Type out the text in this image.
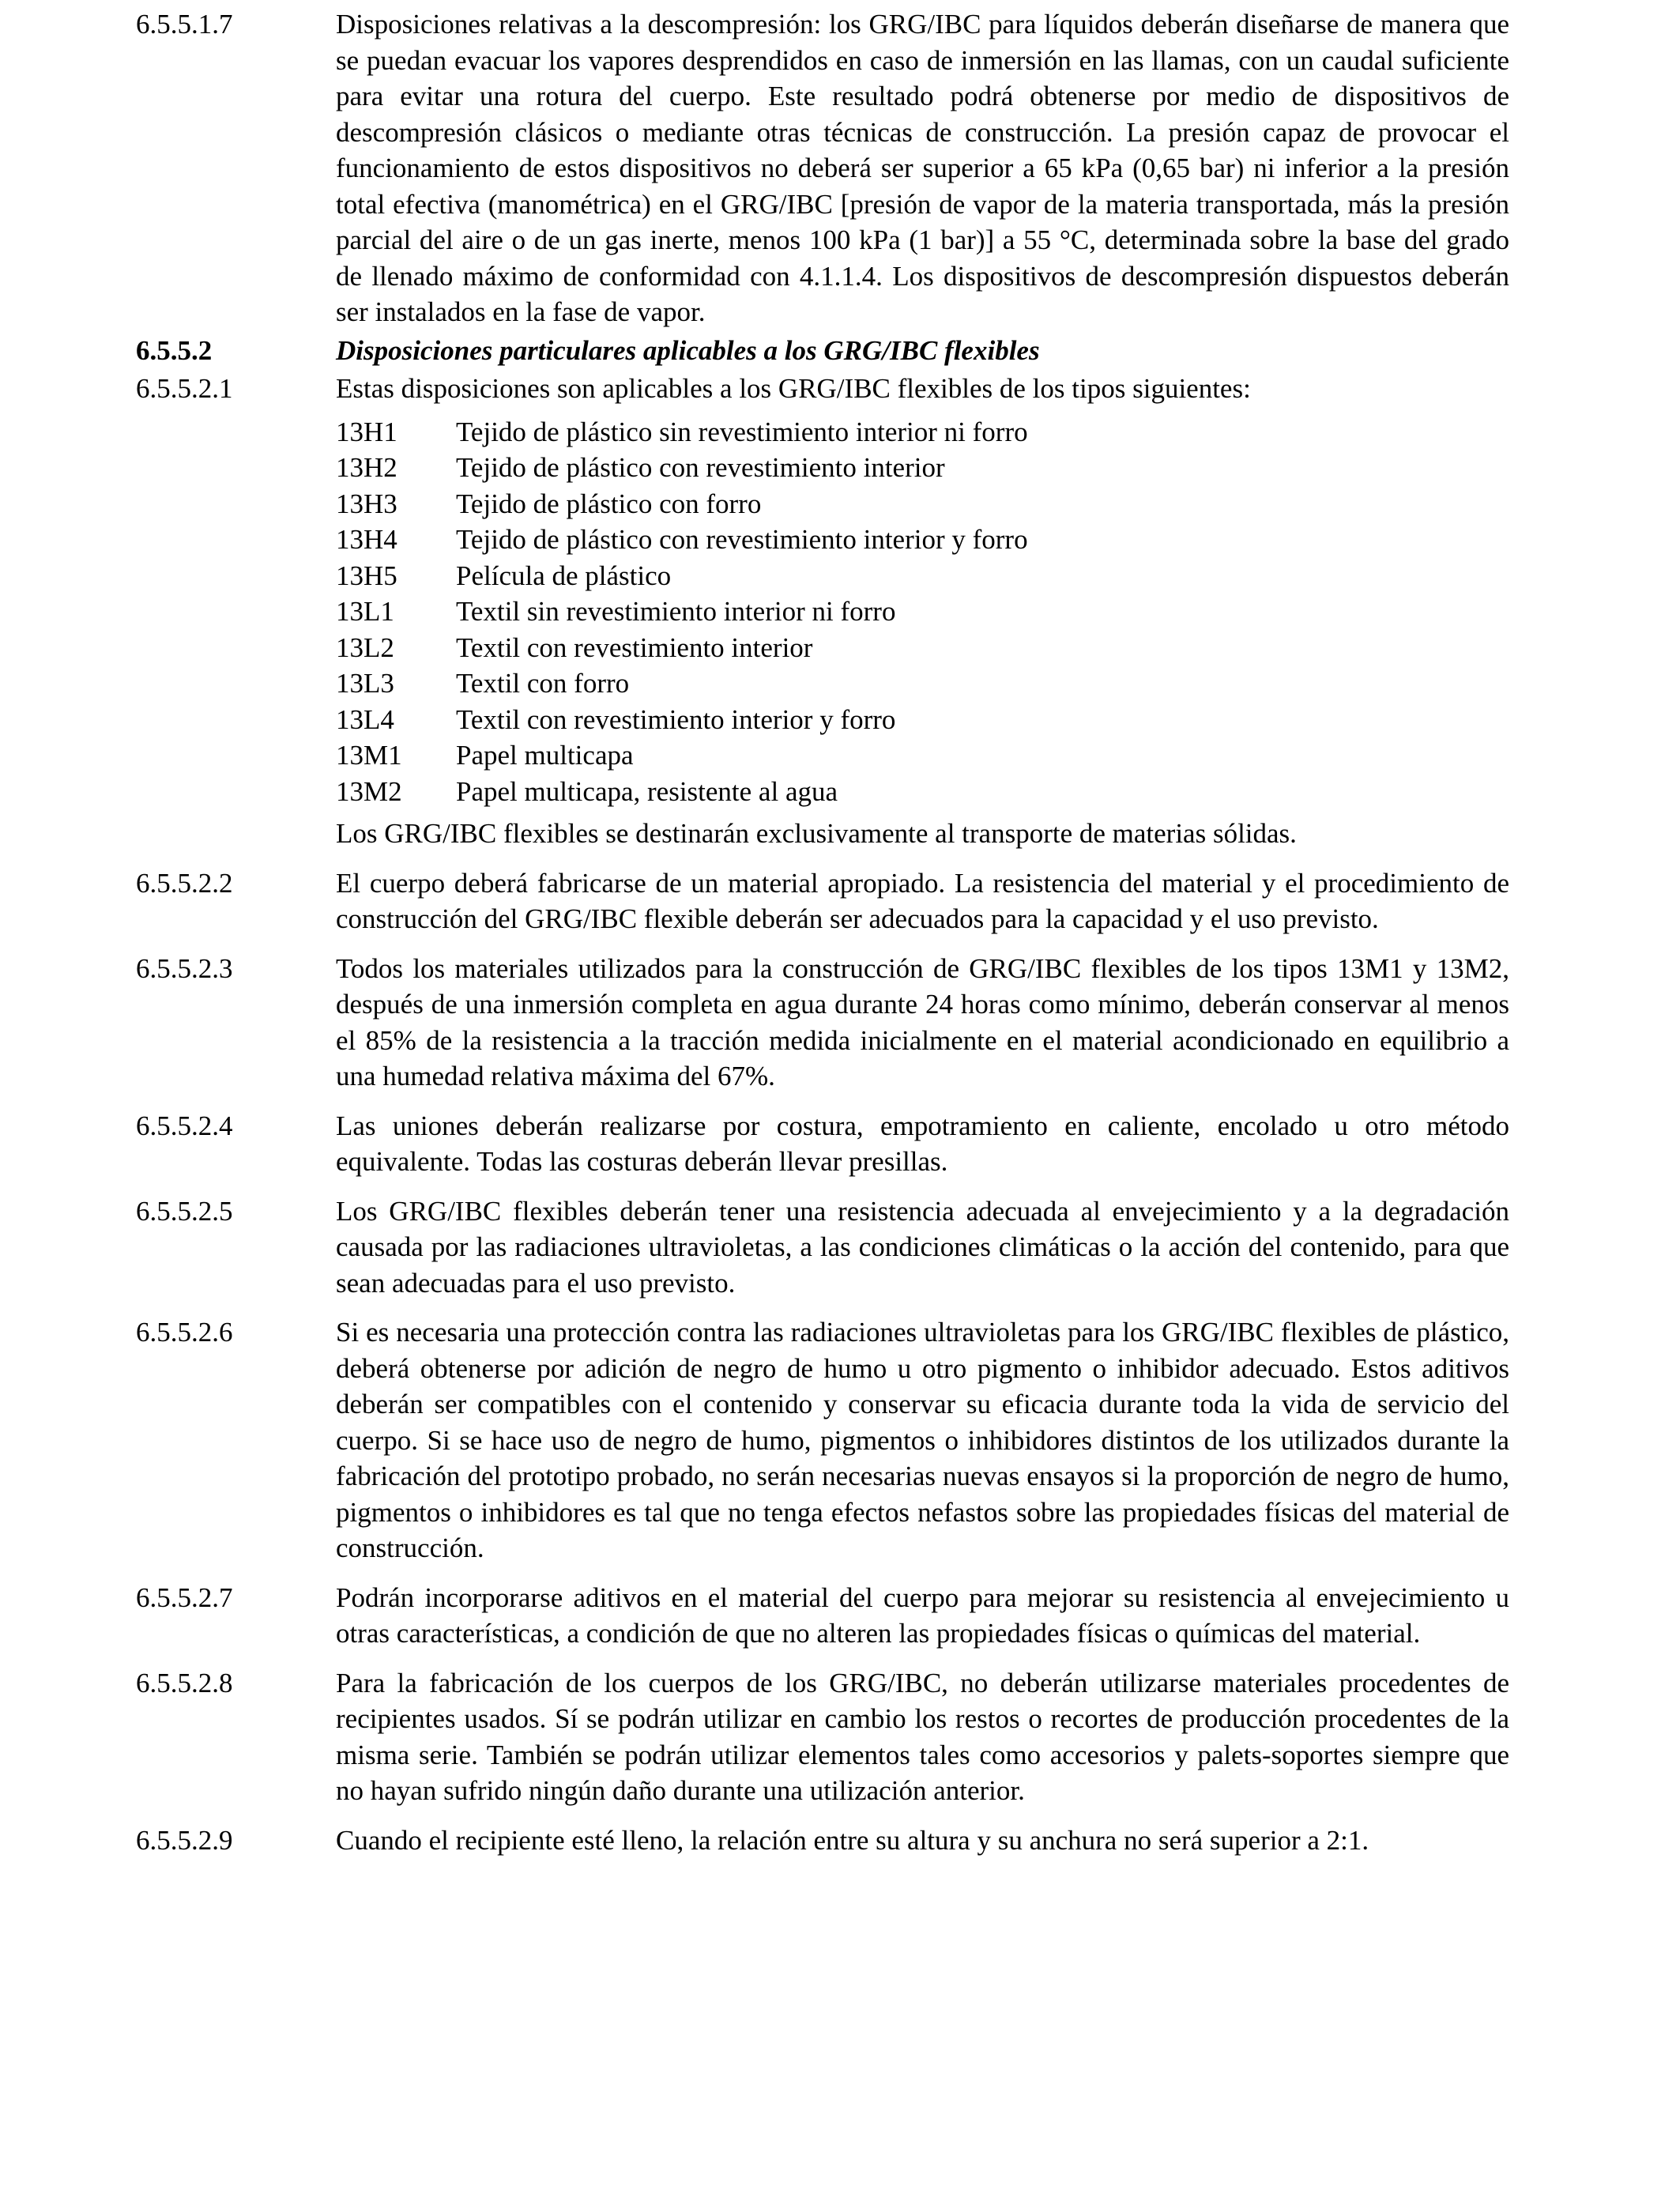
6.5.5.1.7	Disposiciones relativas a la descompresión: los GRG/IBC para líquidos deberán diseñarse de manera que se puedan evacuar los vapores desprendidos en caso de inmersión en las llamas, con un caudal suficiente para evitar una rotura del cuerpo. Este resultado podrá obtenerse por medio de dispositivos de descompresión clásicos o mediante otras técnicas de construcción. La presión capaz de provocar el funcionamiento de estos dispositivos no deberá ser superior a 65 kPa (0,65 bar) ni inferior a la presión total efectiva (manométrica) en el GRG/IBC [presión de vapor de la materia transportada, más la presión parcial del aire o de un gas inerte, menos 100 kPa (1 bar)] a 55 °C, determinada sobre la base del grado de llenado máximo de conformidad con 4.1.1.4. Los dispositivos de descompresión dispuestos deberán ser instalados en la fase de vapor.
6.5.5.2	Disposiciones particulares aplicables a los GRG/IBC flexibles
6.5.5.2.1	Estas disposiciones son aplicables a los GRG/IBC flexibles de los tipos siguientes:
13H1	Tejido de plástico sin revestimiento interior ni forro
13H2	Tejido de plástico con revestimiento interior
13H3	Tejido de plástico con forro
13H4	Tejido de plástico con revestimiento interior y forro
13H5	Película de plástico
13L1	Textil sin revestimiento interior ni forro
13L2	Textil con revestimiento interior
13L3	Textil con forro
13L4	Textil con revestimiento interior y forro
13M1	Papel multicapa
13M2	Papel multicapa, resistente al agua
Los GRG/IBC flexibles se destinarán exclusivamente al transporte de materias sólidas.
6.5.5.2.2	El cuerpo deberá fabricarse de un material apropiado. La resistencia del material y el procedimiento de construcción del GRG/IBC flexible deberán ser adecuados para la capacidad y el uso previsto.
6.5.5.2.3	Todos los materiales utilizados para la construcción de GRG/IBC flexibles de los tipos 13M1 y 13M2, después de una inmersión completa en agua durante 24 horas como mínimo, deberán conservar al menos el 85% de la resistencia a la tracción medida inicialmente en el material acondicionado en equilibrio a una humedad relativa máxima del 67%.
6.5.5.2.4	Las uniones deberán realizarse por costura, empotramiento en caliente, encolado u otro método equivalente. Todas las costuras deberán llevar presillas.
6.5.5.2.5	Los GRG/IBC flexibles deberán tener una resistencia adecuada al envejecimiento y a la degradación causada por las radiaciones ultravioletas, a las condiciones climáticas o la acción del contenido, para que sean adecuadas para el uso previsto.
6.5.5.2.6	Si es necesaria una protección contra las radiaciones ultravioletas para los GRG/IBC flexibles de plástico, deberá obtenerse por adición de negro de humo u otro pigmento o inhibidor adecuado. Estos aditivos deberán ser compatibles con el contenido y conservar su eficacia durante toda la vida de servicio del cuerpo. Si se hace uso de negro de humo, pigmentos o inhibidores distintos de los utilizados durante la fabricación del prototipo probado, no serán necesarias nuevas ensayos si la proporción de negro de humo, pigmentos o inhibidores es tal que no tenga efectos nefastos sobre las propiedades físicas del material de construcción.
6.5.5.2.7	Podrán incorporarse aditivos en el material del cuerpo para mejorar su resistencia al envejecimiento u otras características, a condición de que no alteren las propiedades físicas o químicas del material.
6.5.5.2.8	Para la fabricación de los cuerpos de los GRG/IBC, no deberán utilizarse materiales procedentes de recipientes usados. Sí se podrán utilizar en cambio los restos o recortes de producción procedentes de la misma serie. También se podrán utilizar elementos tales como accesorios y palets-soportes siempre que no hayan sufrido ningún daño durante una utilización anterior.
6.5.5.2.9	Cuando el recipiente esté lleno, la relación entre su altura y su anchura no será superior a 2:1.
